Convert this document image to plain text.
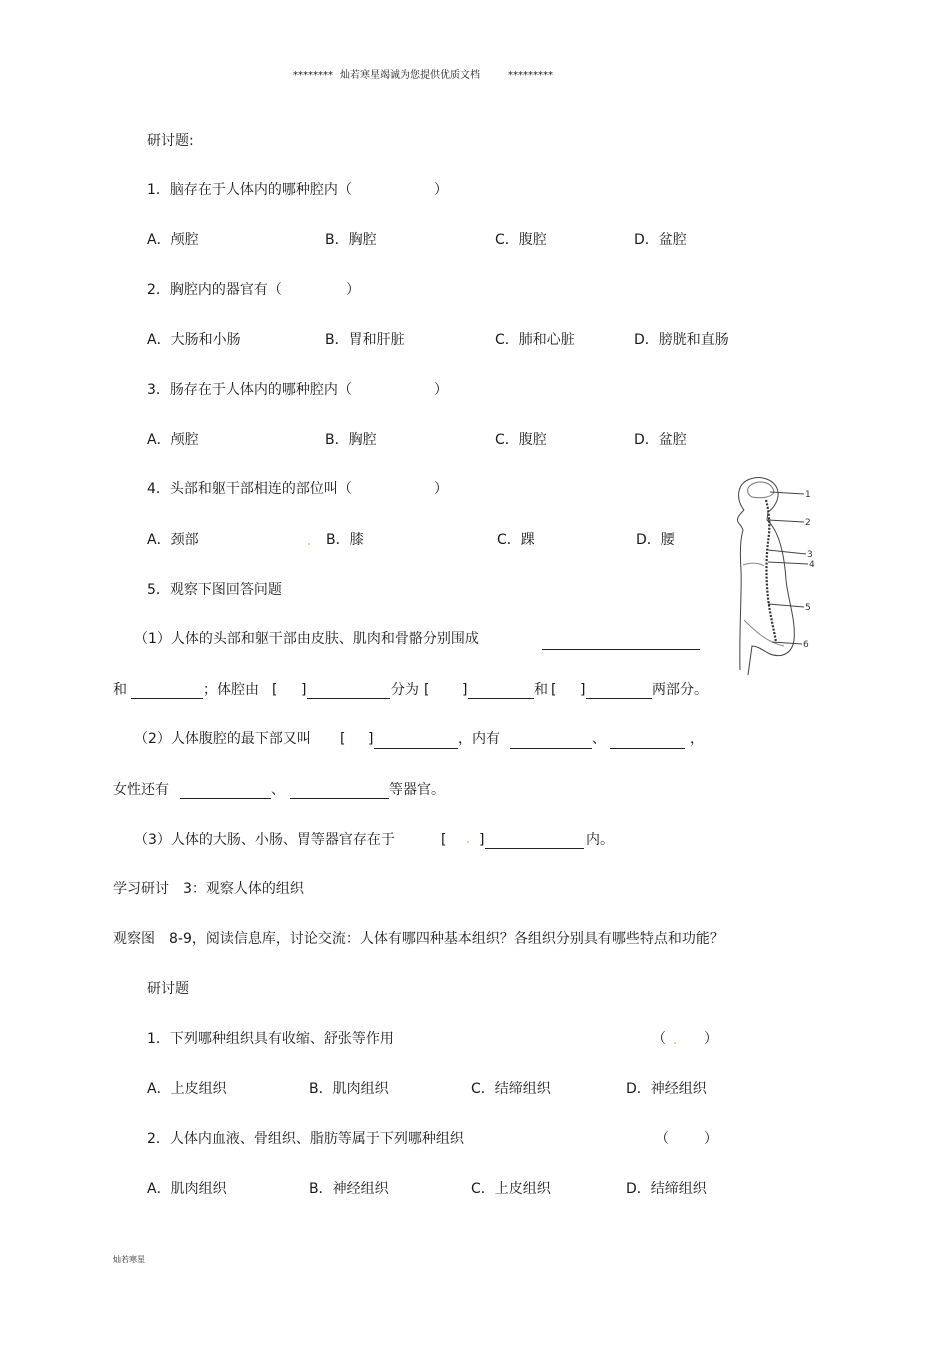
******** 灿若寒星竭诚为您提供优质文档	*********
研讨题:
1．脑存在于人体内的哪种腔内（	）
A．颅腔	B．胸腔	C．腹腔	D．盆腔
2．胸腔内的器官有（	）
A．大肠和小肠	B．胃和肝脏	C．肺和心脏	D．膀胱和直肠
3．肠存在于人体内的哪种腔内（	）
A．颅腔	B．胸腔	C．腹腔	D．盆腔
4．头部和躯干部相连的部位叫（	）
A．颈部	B．膝	C．踝	D．腰
5．观察下图回答问题
（1）人体的头部和躯干部由皮肤、肌肉和骨骼分别围成
和	；体腔由 [ ]	分为 [ ]	和 [ ]	两部分。
（2）人体腹腔的最下部又叫 [ ]	，内有	、	，
女性还有	、	等器官。
（3）人体的大肠、小肠、胃等器官存在于	[ ]	内。
1
2
3
4
5
6
学习研讨　3：观察人体的组织
观察图　8-9，阅读信息库，讨论交流：人体有哪四种基本组织？各组织分别具有哪些特点和功能？
研讨题
1．下列哪种组织具有收缩、舒张等作用	（	）
A．上皮组织	B．肌肉组织	C．结缔组织	D．神经组织
2．人体内血液、骨组织、脂肪等属于下列哪种组织	（	）
A．肌肉组织	B．神经组织	C．上皮组织	D．结缔组织
灿若寒星
